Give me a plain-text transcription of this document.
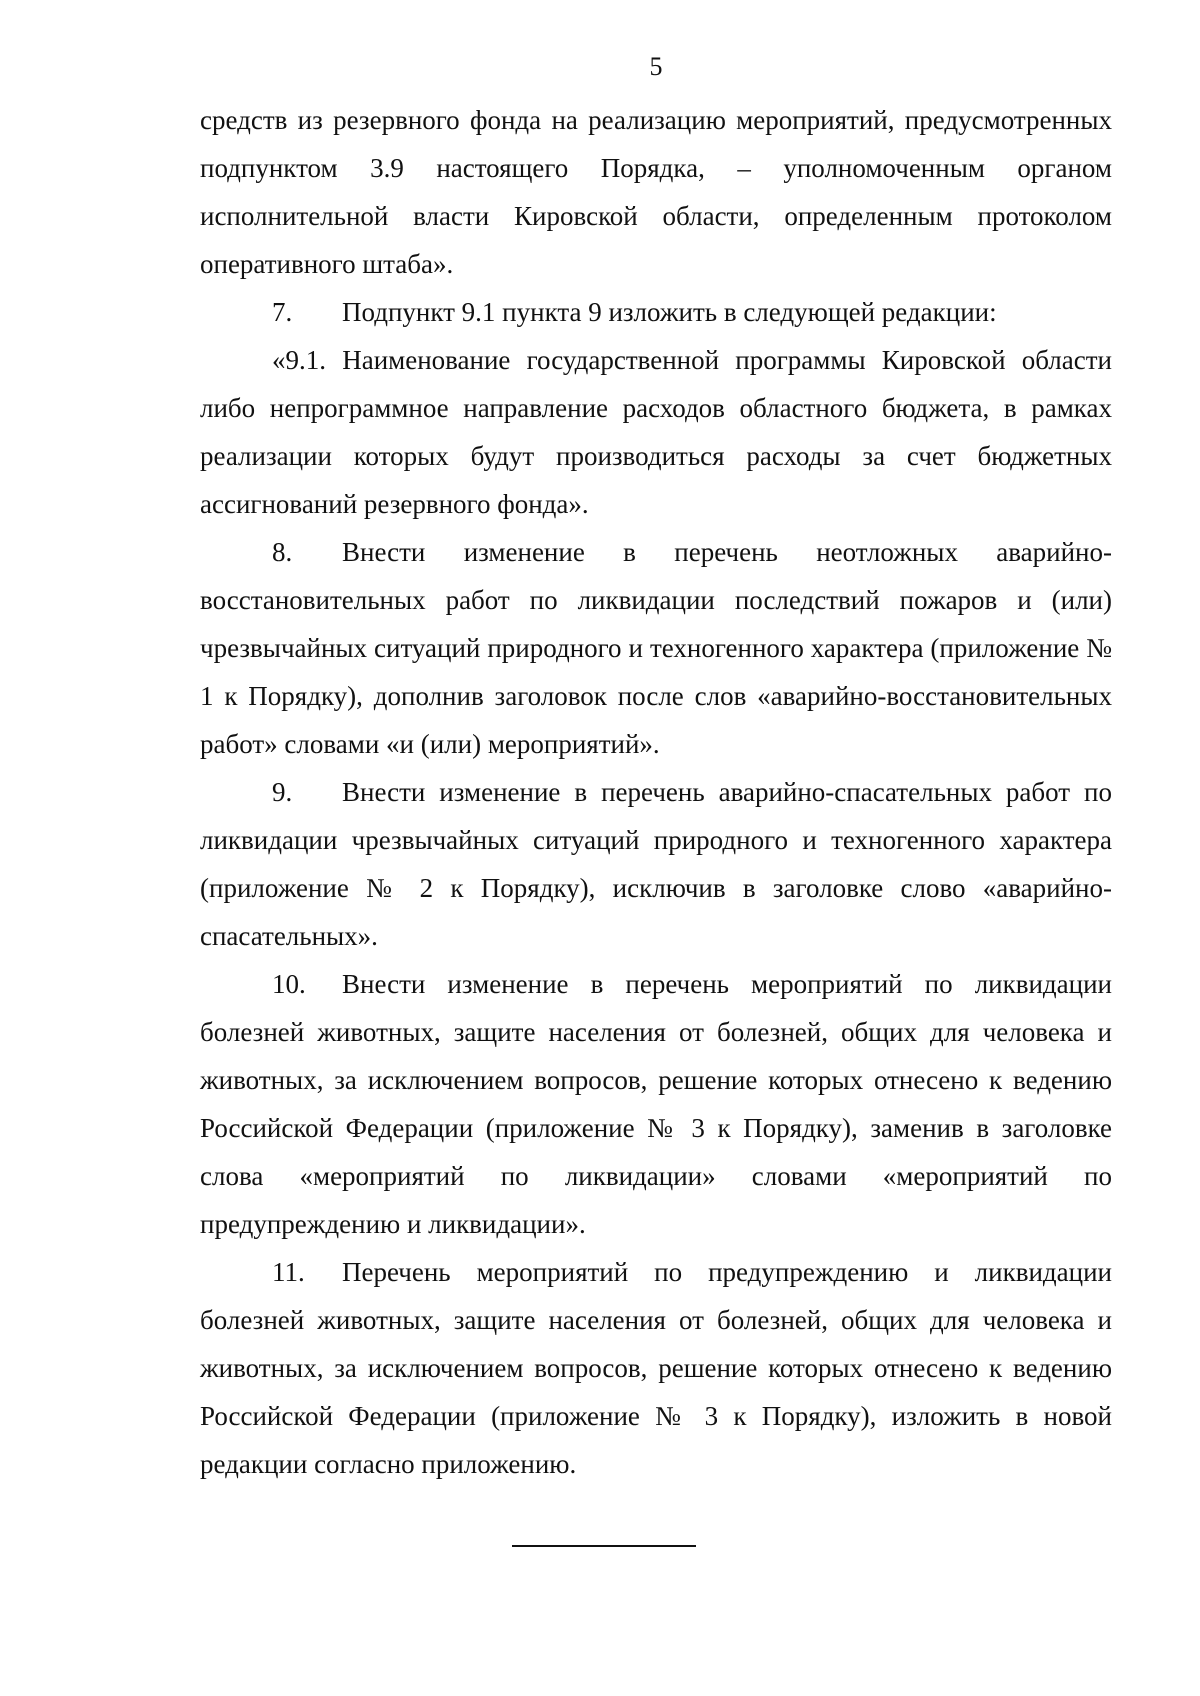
5

средств из резервного фонда на реализацию мероприятий, предусмотренных подпунктом 3.9 настоящего Порядка, – уполномоченным органом исполнительной власти Кировской области, определенным протоколом оперативного штаба».

7. Подпункт 9.1 пункта 9 изложить в следующей редакции:

«9.1. Наименование государственной программы Кировской области либо непрограммное направление расходов областного бюджета, в рамках реализации которых будут производиться расходы за счет бюджетных ассигнований резервного фонда».

8. Внести изменение в перечень неотложных аварийно-восстановительных работ по ликвидации последствий пожаров и (или) чрезвычайных ситуаций природного и техногенного характера (приложение № 1 к Порядку), дополнив заголовок после слов «аварийно-восстановительных работ» словами «и (или) мероприятий».

9. Внести изменение в перечень аварийно-спасательных работ по ликвидации чрезвычайных ситуаций природного и техногенного характера (приложение № 2 к Порядку), исключив в заголовке слово «аварийно-спасательных».

10. Внести изменение в перечень мероприятий по ликвидации болезней животных, защите населения от болезней, общих для человека и животных, за исключением вопросов, решение которых отнесено к ведению Российской Федерации (приложение № 3 к Порядку), заменив в заголовке слова «мероприятий по ликвидации» словами «мероприятий по предупреждению и ликвидации».

11. Перечень мероприятий по предупреждению и ликвидации болезней животных, защите населения от болезней, общих для человека и животных, за исключением вопросов, решение которых отнесено к ведению Российской Федерации (приложение № 3 к Порядку), изложить в новой редакции согласно приложению.
